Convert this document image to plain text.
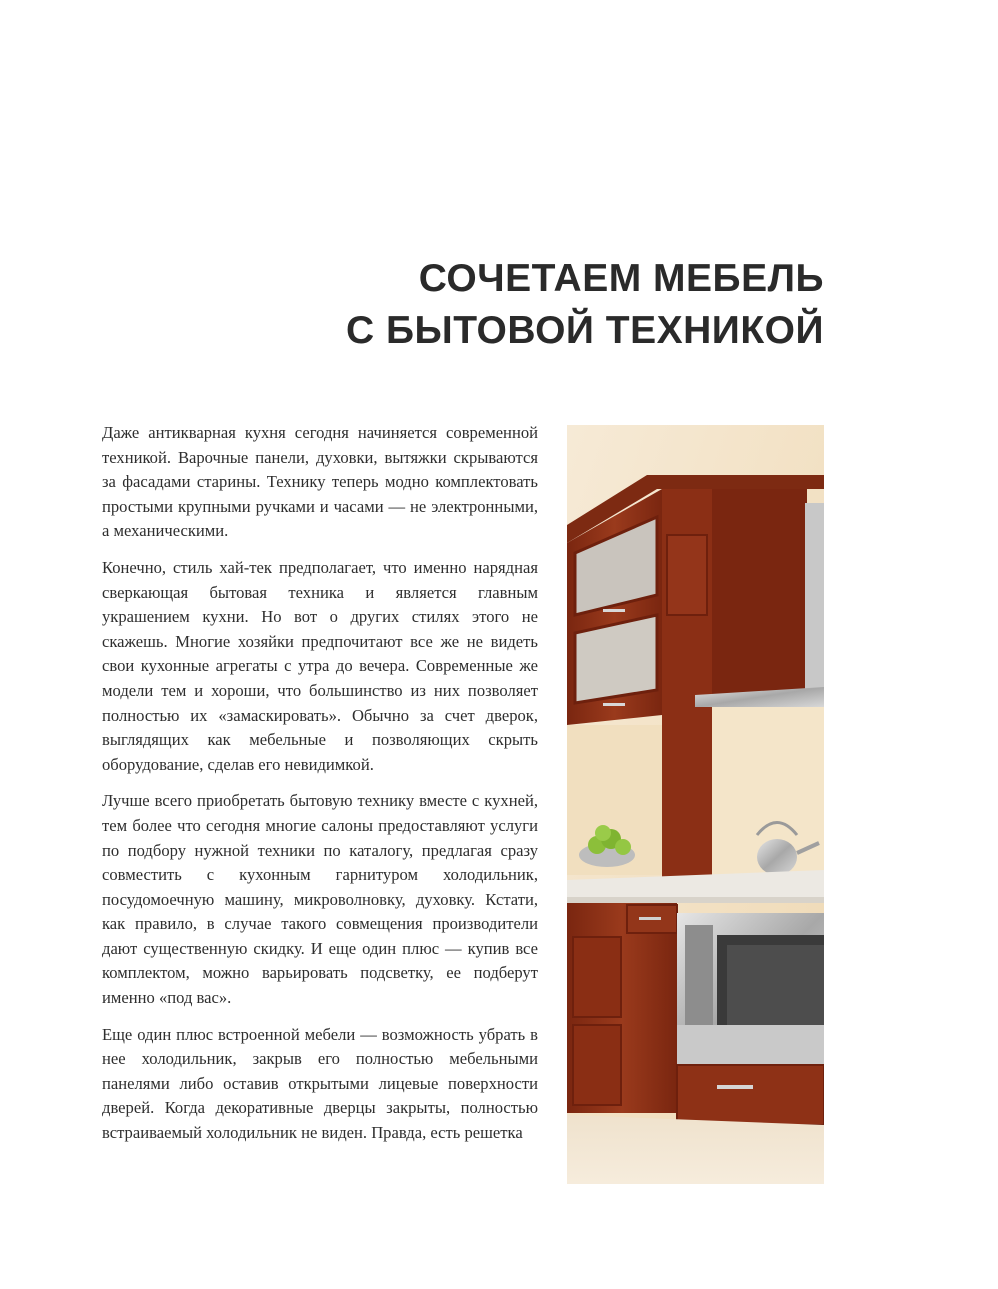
СОЧЕТАЕМ МЕБЕЛЬ
С БЫТОВОЙ ТЕХНИКОЙ

Даже антикварная кухня сегодня начиняется современной техникой. Варочные панели, духовки, вытяжки скрываются за фасадами старины. Технику теперь модно комплектовать простыми крупными ручками и часами — не электронными, а механическими.

Конечно, стиль хай-тек предполагает, что именно нарядная сверкающая бытовая техника и является главным украшением кухни. Но вот о других стилях этого не скажешь. Многие хозяйки предпочитают все же не видеть свои кухонные агрегаты с утра до вечера. Современные же модели тем и хороши, что большинство из них позволяет полностью их «замаскировать». Обычно за счет дверок, выглядящих как мебельные и позволяющих скрыть оборудование, сделав его невидимкой.

Лучше всего приобретать бытовую технику вместе с кухней, тем более что сегодня многие салоны предоставляют услуги по подбору нужной техники по каталогу, предлагая сразу совместить с кухонным гарнитуром холодильник, посудомоечную машину, микроволновку, духовку. Кстати, как правило, в случае такого совмещения производители дают существенную скидку. И еще один плюс — купив все комплектом, можно варьировать подсветку, ее подберут именно «под вас».

Еще один плюс встроенной мебели — возможность убрать в нее холодильник, закрыв его полностью мебельными панелями либо оставив открытыми лицевые поверхности дверей. Когда декоративные дверцы закрыты, полностью встраиваемый холодильник не виден. Правда, есть решетка
